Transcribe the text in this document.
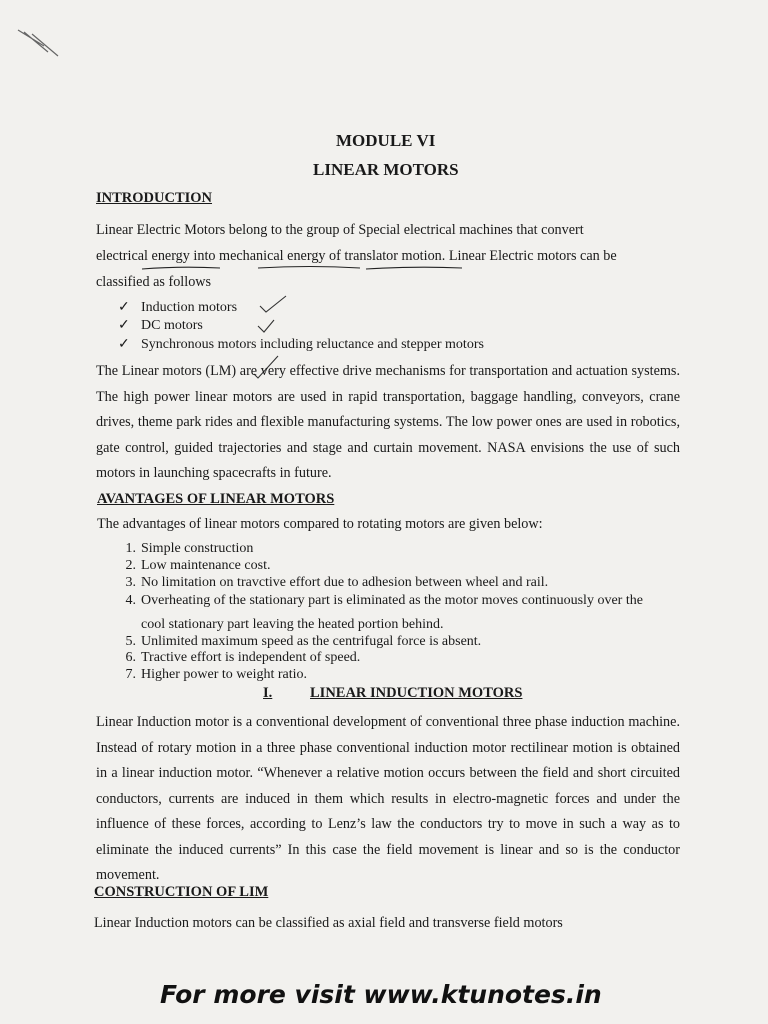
MODULE VI
LINEAR MOTORS
INTRODUCTION
Linear Electric Motors belong to the group of Special electrical machines that convert
electrical energy into mechanical energy of translator motion. Linear Electric motors can be
classified as follows
✓ Induction motors
✓ DC motors
✓ Synchronous motors including reluctance and stepper motors

The Linear motors (LM) are very effective drive mechanisms for transportation and actuation systems. The high power linear motors are used in rapid transportation, baggage handling, conveyors, crane drives, theme park rides and flexible manufacturing systems. The low power ones are used in robotics, gate control, guided trajectories and stage and curtain movement. NASA envisions the use of such motors in launching spacecrafts in future.

AVANTAGES OF LINEAR MOTORS
The advantages of linear motors compared to rotating motors are given below:
1. Simple construction
2. Low maintenance cost.
3. No limitation on travctive effort due to adhesion between wheel and rail.
4. Overheating of the stationary part is eliminated as the motor moves continuously over the
cool stationary part leaving the heated portion behind.
5. Unlimited maximum speed as the centrifugal force is absent.
6. Tractive effort is independent of speed.
7. Higher power to weight ratio.
I.	LINEAR INDUCTION MOTORS

Linear Induction motor is a conventional development of conventional three phase induction machine. Instead of rotary motion in a three phase conventional induction motor rectilinear motion is obtained in a linear induction motor. “Whenever a relative motion occurs between the field and short circuited conductors, currents are induced in them which results in electro-magnetic forces and under the influence of these forces, according to Lenz’s law the conductors try to move in such a way as to eliminate the induced currents” In this case the field movement is linear and so is the conductor movement.

CONSTRUCTION OF LIM
Linear Induction motors can be classified as axial field and transverse field motors
For more visit www.ktunotes.in
